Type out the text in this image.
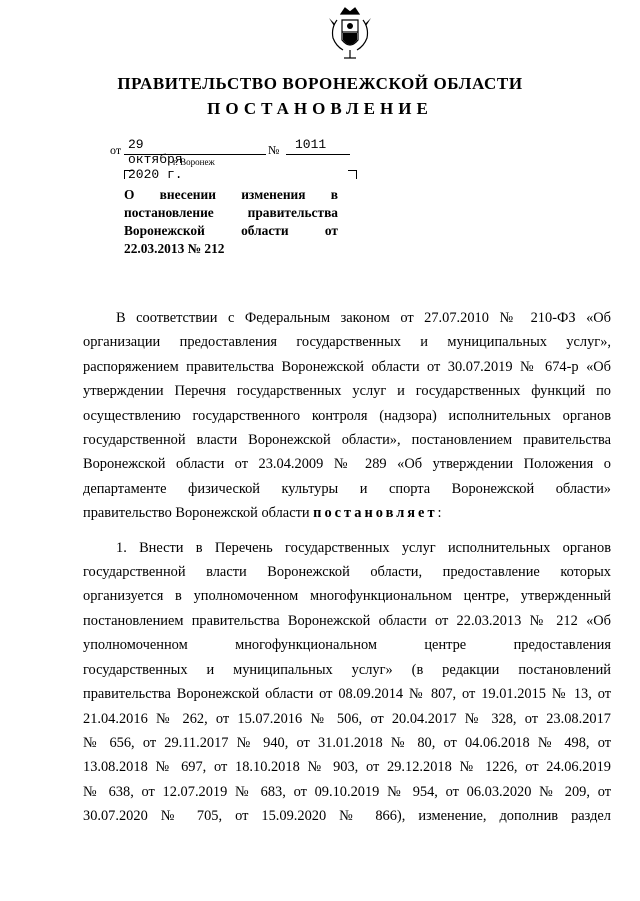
ПРАВИТЕЛЬСТВО ВОРОНЕЖСКОЙ ОБЛАСТИ
ПОСТАНОВЛЕНИЕ
от 29 октября 2020 г.
№ 1011
г. Воронеж
О внесении изменения в
постановление правительства
Воронежской области от
22.03.2013 № 212
В соответствии с Федеральным законом от 27.07.2010 № 210-ФЗ «Об
организации предоставления государственных и муниципальных услуг»,
распоряжением правительства Воронежской области от 30.07.2019 № 674-р «Об
утверждении Перечня государственных услуг и государственных функций по
осуществлению государственного контроля (надзора) исполнительных органов
государственной власти Воронежской области», постановлением правительства
Воронежской области от 23.04.2009 № 289 «Об утверждении Положения о
департаменте физической культуры и спорта Воронежской области»
правительство Воронежской области постановляет:
1. Внести в Перечень государственных услуг исполнительных органов
государственной власти Воронежской области, предоставление которых
организуется в уполномоченном многофункциональном центре, утвержденный
постановлением правительства Воронежской области от 22.03.2013 № 212 «Об
уполномоченном многофункциональном центре предоставления
государственных и муниципальных услуг» (в редакции постановлений
правительства Воронежской области от 08.09.2014 № 807, от 19.01.2015 № 13, от
21.04.2016 № 262, от 15.07.2016 № 506, от 20.04.2017 № 328, от 23.08.2017
№ 656, от 29.11.2017 № 940, от 31.01.2018 № 80, от 04.06.2018 № 498, от
13.08.2018 № 697, от 18.10.2018 № 903, от 29.12.2018 № 1226, от 24.06.2019
№ 638, от 12.07.2019 № 683, от 09.10.2019 № 954, от 06.03.2020 № 209, от
30.07.2020 № 705, от 15.09.2020 № 866), изменение, дополнив раздел
